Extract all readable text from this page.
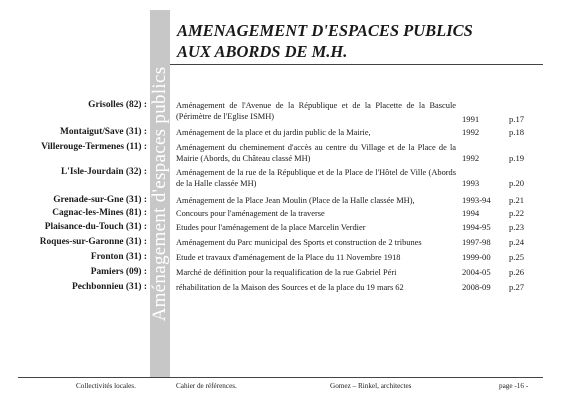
Aménagement d'espaces publics
AMENAGEMENT D'ESPACES PUBLICS
AUX ABORDS DE M.H.
Grisolles (82) :	Aménagement de l'Avenue de la République et de la Placette de la Bascule (Périmètre de l'Eglise ISMH)	1991	p.17
Montaigut/Save (31) :	Aménagement de la place et du jardin public de la Mairie,	1992	p.18
Villerouge-Termenes (11) :	Aménagement du cheminement d'accès au centre du Village et de la Place de la Mairie (Abords, du Château classé MH)	1992	p.19
L'Isle-Jourdain (32) :	Aménagement de la rue de la République et de la Place de l'Hôtel de Ville (Abords de la Halle classée MH)	1993	p.20
Grenade-sur-Gne (31) :	Aménagement de la Place Jean Moulin (Place de la Halle classée MH),	1993-94 p.21
Cagnac-les-Mines (81) :	Concours pour l'aménagement de la traverse	1994	p.22
Plaisance-du-Touch (31) :	Etudes pour l'aménagement de la place Marcelin Verdier	1994-95 p.23
Roques-sur-Garonne (31) :	Aménagement du Parc municipal des Sports et construction de 2 tribunes	1997-98 p.24
Fronton (31) :	Etude et travaux d'aménagement de la Place du 11 Novembre 1918	1999-00 p.25
Pamiers (09) :	Marché de définition pour la requalification de la rue Gabriel Péri	2004-05 p.26
Pechbonnieu (31) :	réhabilitation de la Maison des Sources et de la place du 19 mars 62	2008-09 p.27
Collectivités locales.	Cahier de références.	Gomez – Rinkel, architectes	page -16 -
